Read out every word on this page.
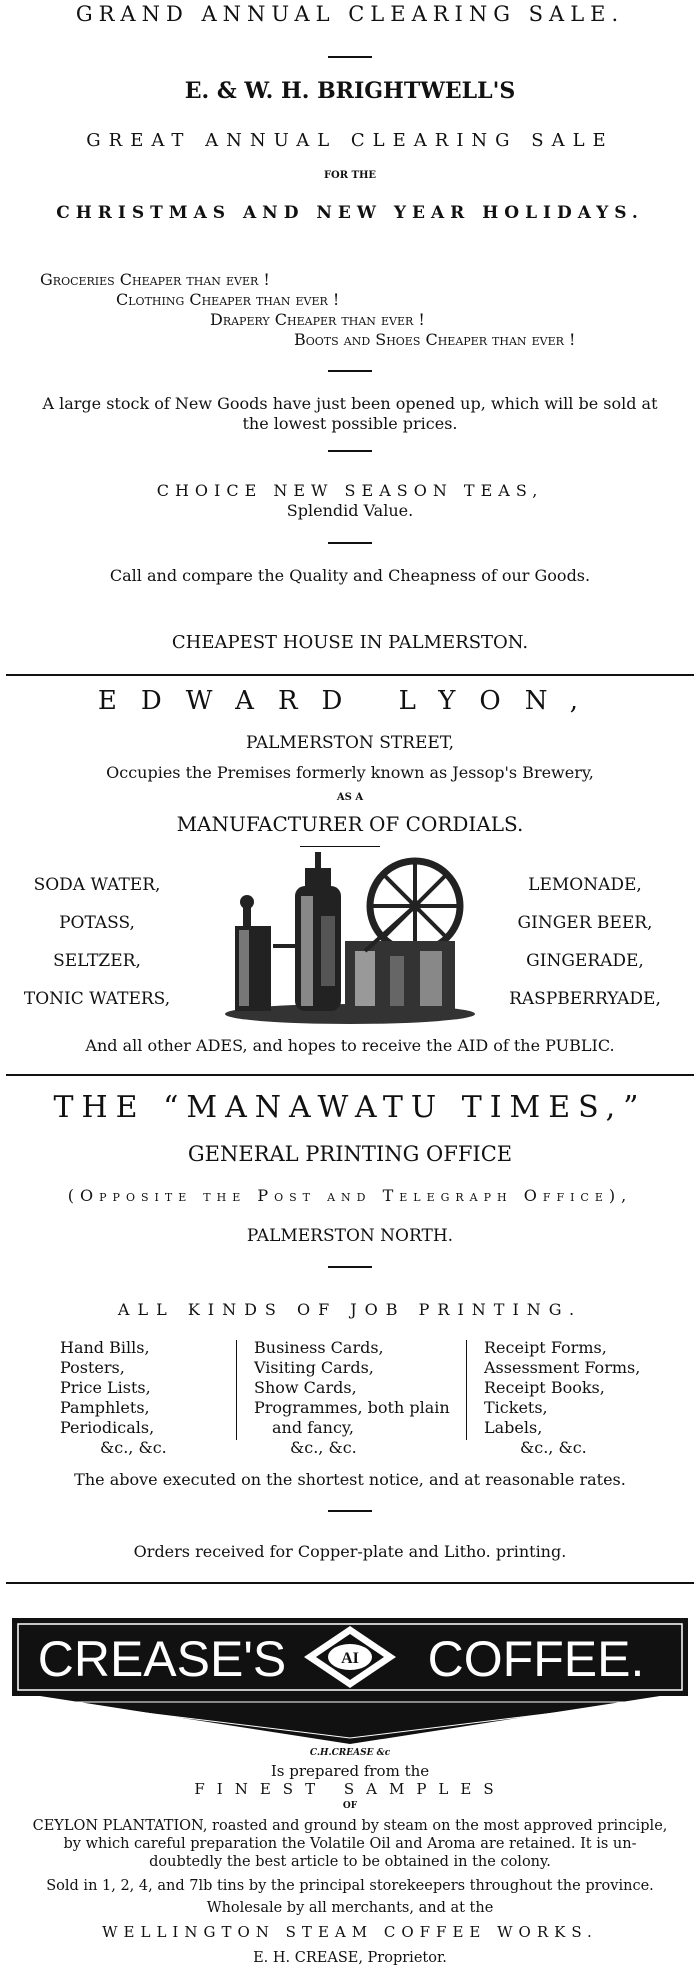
GRAND ANNUAL CLEARING SALE.
E. & W. H. BRIGHTWELL'S
GREAT ANNUAL CLEARING SALE
FOR THE
CHRISTMAS AND NEW YEAR HOLIDAYS.
Groceries Cheaper than ever !
Clothing Cheaper than ever !
Drapery Cheaper than ever !
Boots and Shoes Cheaper than ever !
A large stock of New Goods have just been opened up, which will be sold at
the lowest possible prices.
CHOICE NEW SEASON TEAS,
Splendid Value.
Call and compare the Quality and Cheapness of our Goods.
CHEAPEST HOUSE IN PALMERSTON.
EDWARD LYON,
PALMERSTON STREET,
Occupies the Premises formerly known as Jessop's Brewery,
AS A
MANUFACTURER OF CORDIALS.
SODA WATER,
POTASS,
SELTZER,
TONIC WATERS,
LEMONADE,
GINGER BEER,
GINGERADE,
RASPBERRYADE,
And all other ADES, and hopes to receive the AID of the PUBLIC.
THE “MANAWATU TIMES,”
GENERAL PRINTING OFFICE
(Opposite the Post and Telegraph Office),
PALMERSTON NORTH.
ALL KINDS OF JOB PRINTING.
Hand Bills,
Posters,
Price Lists,
Pamphlets,
Periodicals,
&c., &c.
Business Cards,
Visiting Cards,
Show Cards,
Programmes, both plain
and fancy,
&c., &c.
Receipt Forms,
Assessment Forms,
Receipt Books,
Tickets,
Labels,
&c., &c.
The above executed on the shortest notice, and at reasonable rates.
Orders received for Copper-plate and Litho. printing.
CREASE'S	AI COFFEE.
C.H.CREASE &c
Is prepared from the
FINEST SAMPLES
OF
CEYLON PLANTATION, roasted and ground by steam on the most approved principle,
by which careful preparation the Volatile Oil and Aroma are retained. It is un-
doubtedly the best article to be obtained in the colony.
Sold in 1, 2, 4, and 7lb tins by the principal storekeepers throughout the province.
Wholesale by all merchants, and at the
WELLINGTON STEAM COFFEE WORKS.
E. H. CREASE, Proprietor.
